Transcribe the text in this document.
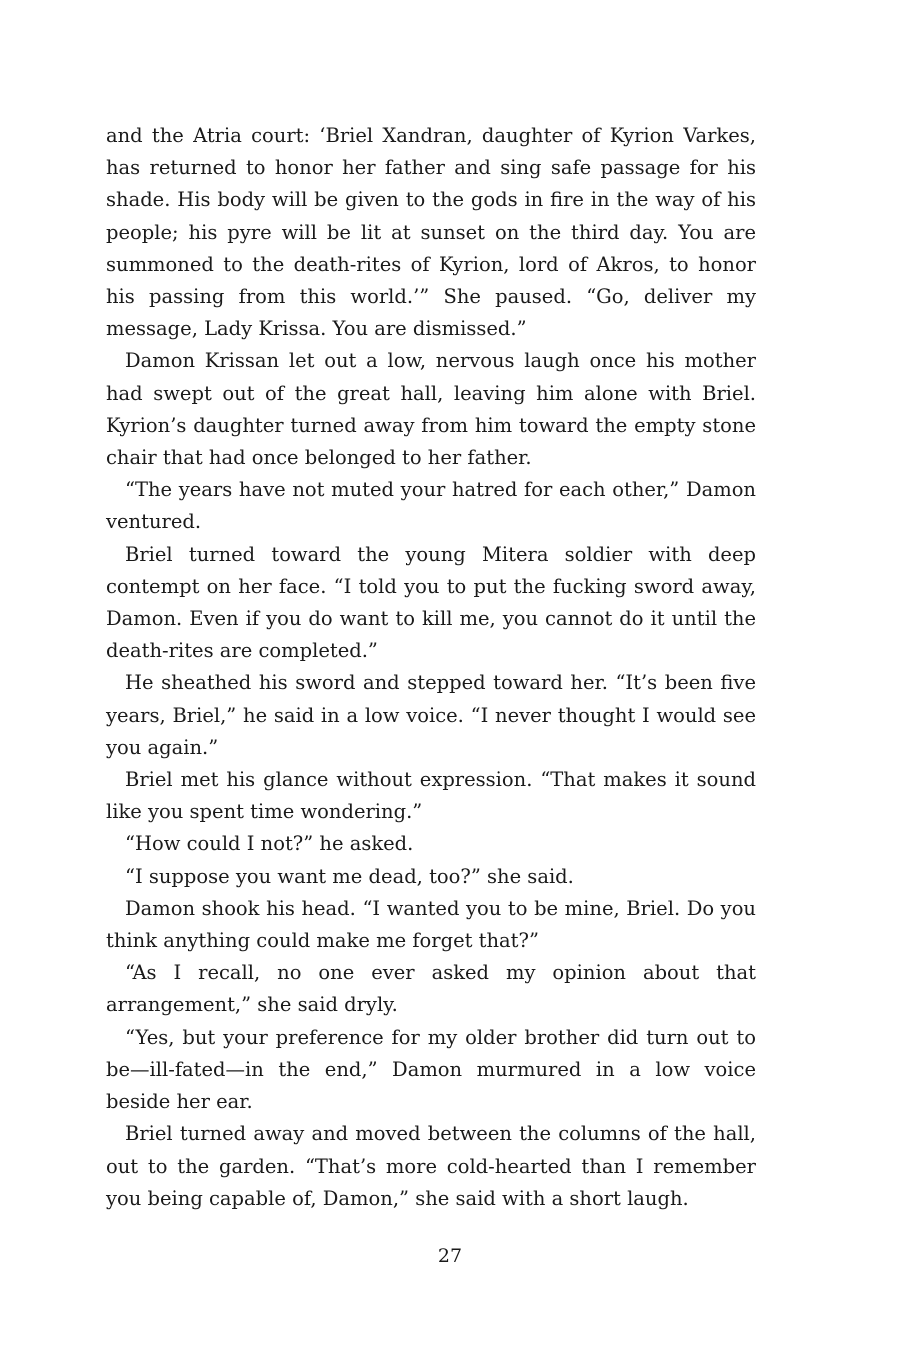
and the Atria court: ‘Briel Xandran, daughter of Kyrion Varkes, has returned to honor her father and sing safe passage for his shade. His body will be given to the gods in fire in the way of his people; his pyre will be lit at sunset on the third day. You are summoned to the death-rites of Kyrion, lord of Akros, to honor his passing from this world.’” She paused. “Go, deliver my message, Lady Krissa. You are dismissed.”

Damon Krissan let out a low, nervous laugh once his mother had swept out of the great hall, leaving him alone with Briel. Kyrion’s daughter turned away from him toward the empty stone chair that had once belonged to her father.

“The years have not muted your hatred for each other,” Damon ventured.

Briel turned toward the young Mitera soldier with deep contempt on her face. “I told you to put the fucking sword away, Damon. Even if you do want to kill me, you cannot do it until the death-rites are completed.”

He sheathed his sword and stepped toward her. “It’s been five years, Briel,” he said in a low voice. “I never thought I would see you again.”

Briel met his glance without expression. “That makes it sound like you spent time wondering.”

“How could I not?” he asked.

“I suppose you want me dead, too?” she said.

Damon shook his head. “I wanted you to be mine, Briel. Do you think anything could make me forget that?”

“As I recall, no one ever asked my opinion about that arrangement,” she said dryly.

“Yes, but your preference for my older brother did turn out to be—ill-fated—in the end,” Damon murmured in a low voice beside her ear.

Briel turned away and moved between the columns of the hall, out to the garden. “That’s more cold-hearted than I remember you being capable of, Damon,” she said with a short laugh.

27
